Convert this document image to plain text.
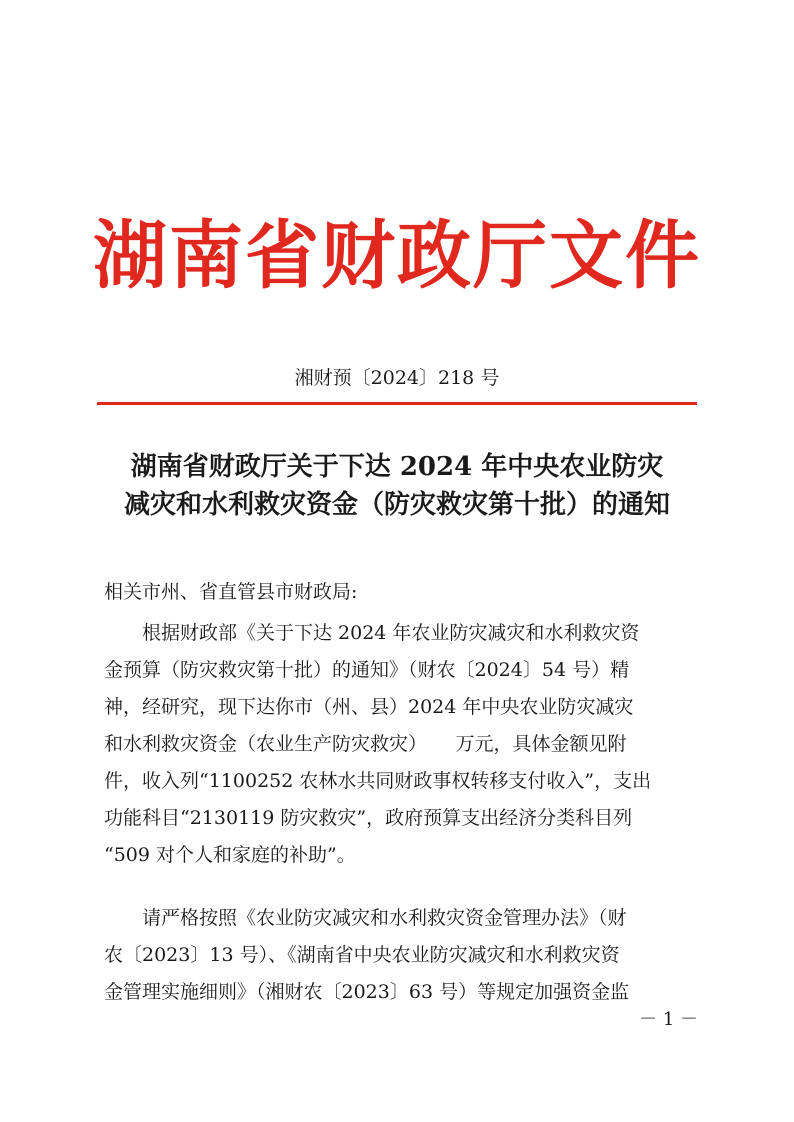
湖南省财政厅文件
湘财预〔2024〕218 号
湖南省财政厅关于下达 2024 年中央农业防灾
减灾和水利救灾资金（防灾救灾第十批）的通知
相关市州、省直管县市财政局:
　　根据财政部《关于下达 2024 年农业防灾减灾和水利救灾资
金预算（防灾救灾第十批）的通知》（财农〔2024〕54 号）精
神，经研究，现下达你市（州、县）2024 年中央农业防灾减灾
和水利救灾资金（农业生产防灾救灾）　　万元，具体金额见附
件，收入列“1100252 农林水共同财政事权转移支付收入”，支出
功能科目“2130119 防灾救灾”，政府预算支出经济分类科目列
“509 对个人和家庭的补助”。
　　请严格按照《农业防灾减灾和水利救灾资金管理办法》（财
农〔2023〕13 号）、《湖南省中央农业防灾减灾和水利救灾资
金管理实施细则》（湘财农〔2023〕63 号）等规定加强资金监
－ 1 －
